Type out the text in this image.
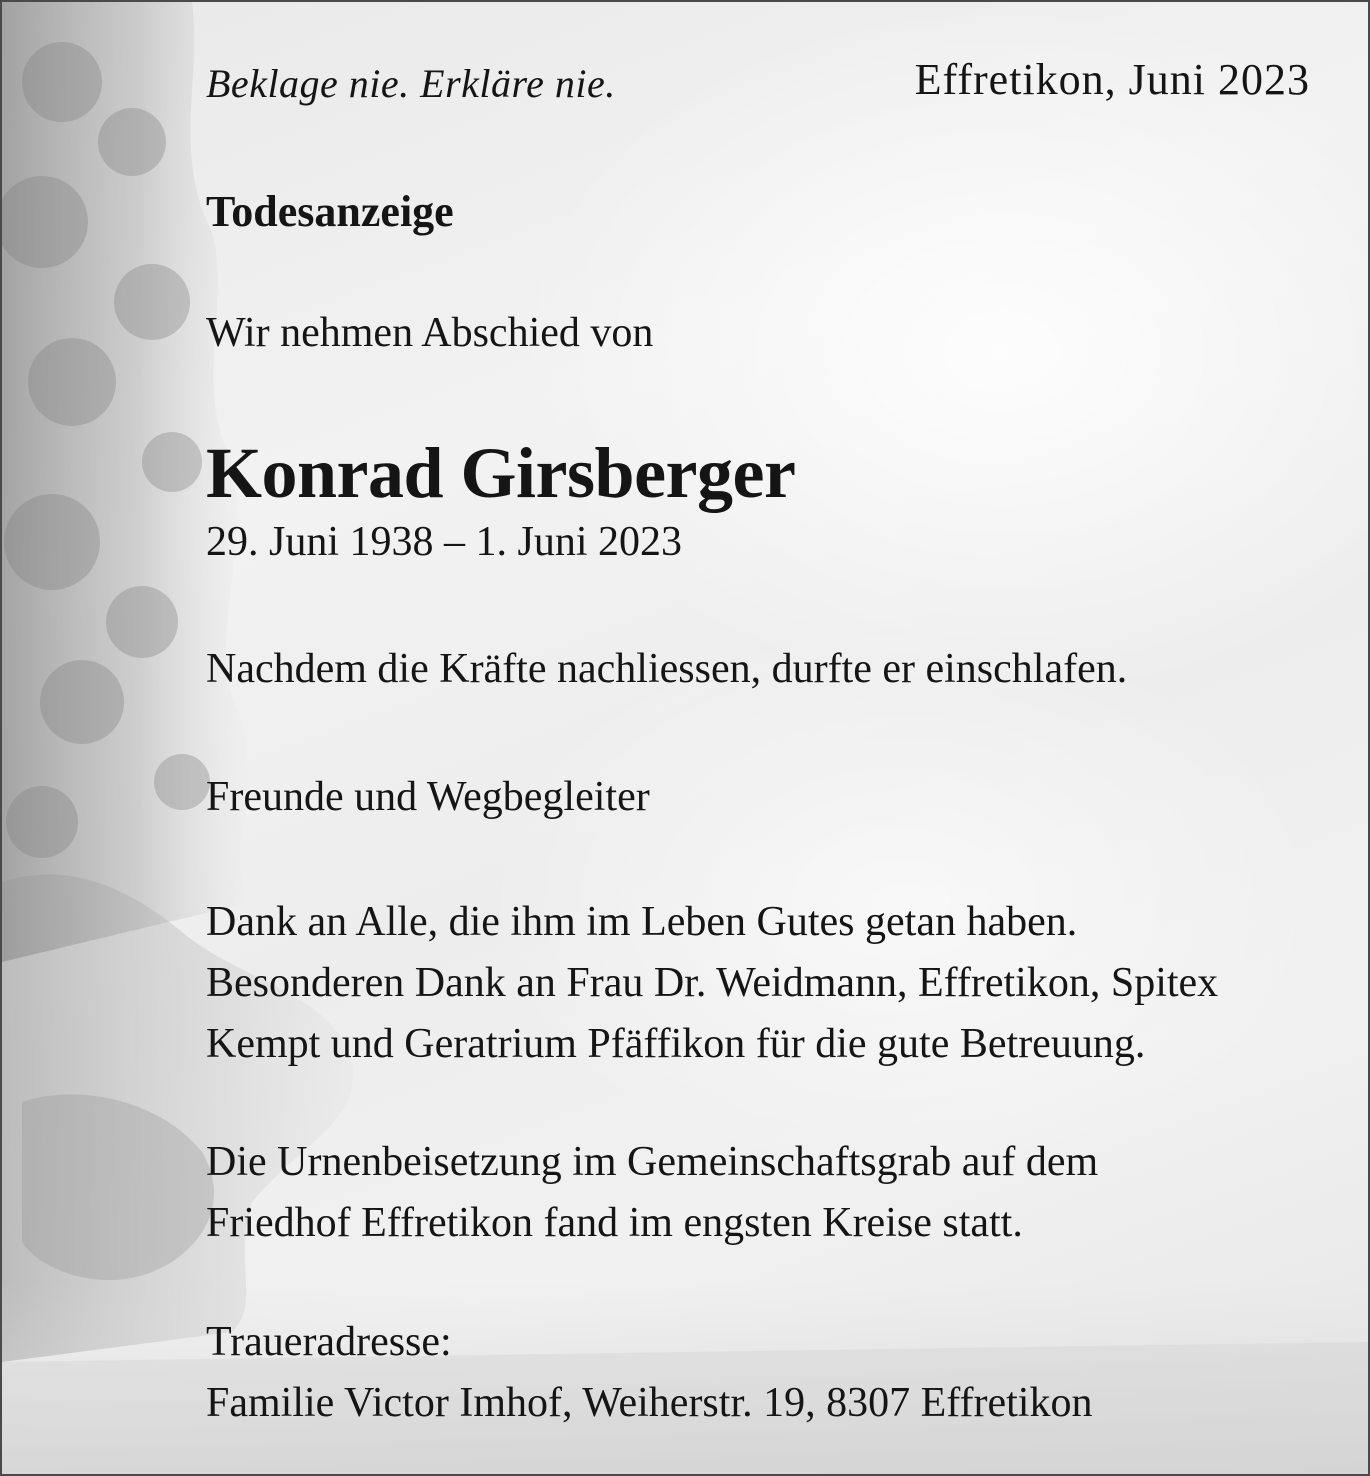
Beklage nie. Erkläre nie.	Effretikon, Juni 2023
Todesanzeige
Wir nehmen Abschied von
Konrad Girsberger
29. Juni 1938 – 1. Juni 2023
Nachdem die Kräfte nachliessen, durfte er einschlafen.
Freunde und Wegbegleiter
Dank an Alle, die ihm im Leben Gutes getan haben.
Besonderen Dank an Frau Dr. Weidmann, Effretikon, Spitex
Kempt und Geratrium Pfäffikon für die gute Betreuung.
Die Urnenbeisetzung im Gemeinschaftsgrab auf dem
Friedhof Effretikon fand im engsten Kreise statt.
Traueradresse:
Familie Victor Imhof, Weiherstr. 19, 8307 Effretikon
